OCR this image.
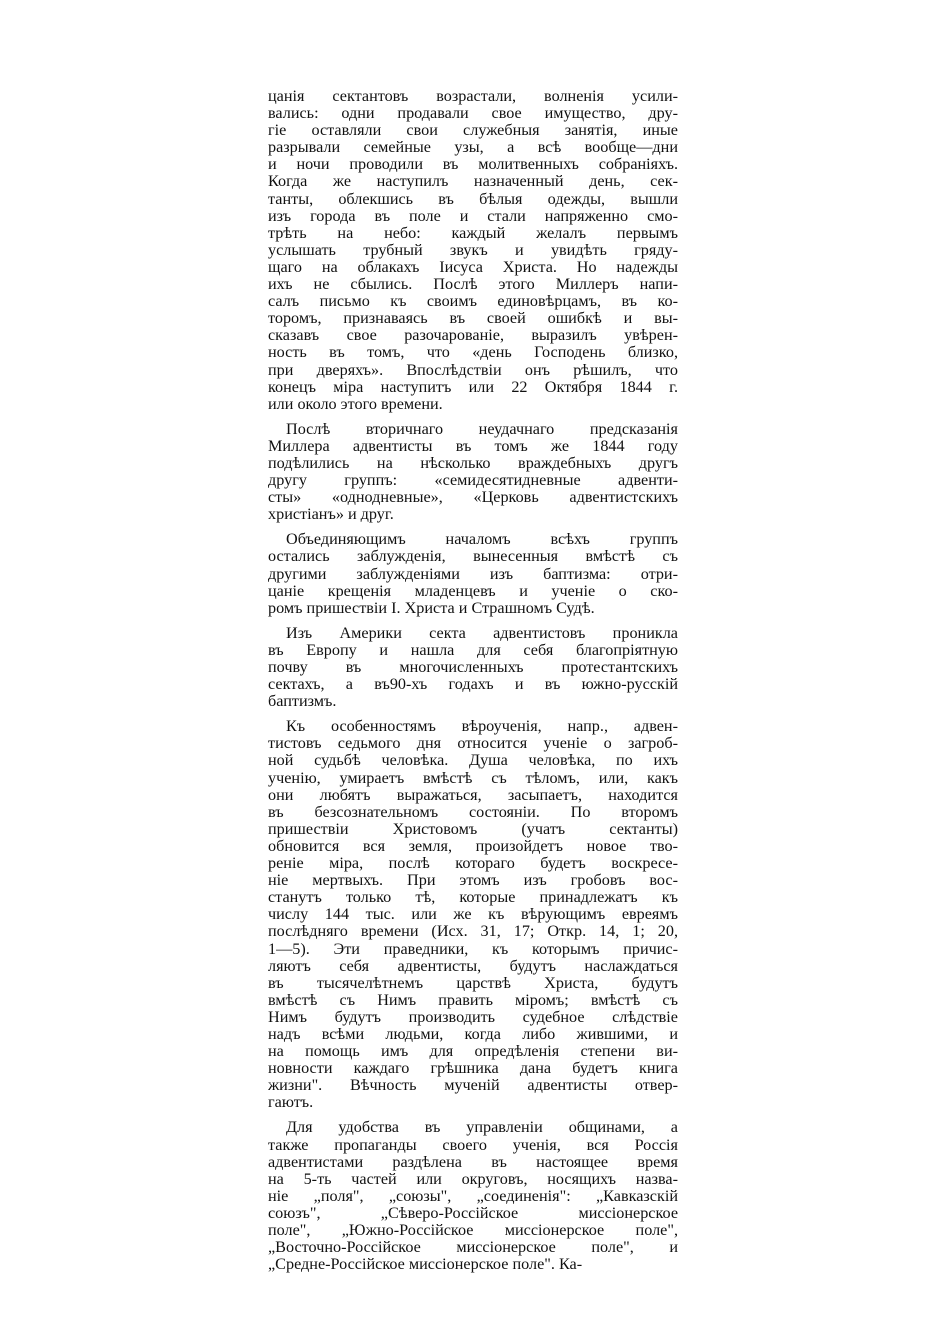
цанія сектантовъ возрастали, волненія усили-
вались: одни продавали свое имущество, дру-
гіе оставляли свои служебныя занятія, иные
разрывали семейные узы, а всѣ вообще—дни
и ночи проводили въ молитвенныхъ собраніяхъ.
Когда же наступилъ назначенный день, сек-
танты, облекшись въ бѣлыя одежды, вышли
изъ города въ поле и стали напряженно смо-
трѣть на небо: каждый желалъ первымъ
услышать трубный звукъ и увидѣть гряду-
щаго на облакахъ Іисуса Христа. Но надежды
ихъ не сбылись. Послѣ этого Миллеръ напи-
салъ письмо къ своимъ единовѣрцамъ, въ ко-
торомъ, признаваясь въ своей ошибкѣ и вы-
сказавъ свое разочарованіе, выразилъ увѣрен-
ность въ томъ, что «день Господень близко,
при дверяхъ». Впослѣдствіи онъ рѣшилъ, что
конецъ міра наступитъ или 22 Октября 1844 г.
или около этого времени.
Послѣ вторичнаго неудачнаго предсказанія
Миллера адвентисты въ томъ же 1844 году
подѣлились на нѣсколько враждебныхъ другъ
другу группъ: «семидесятидневные адвенти-
сты» «однодневные», «Церковь адвентистскихъ
христіанъ» и друг.
Объединяющимъ началомъ всѣхъ группъ
остались заблужденія, вынесенныя вмѣстѣ съ
другими заблужденіями изъ баптизма: отри-
цаніе крещенія младенцевъ и ученіе о ско-
ромъ пришествіи І. Христа и Страшномъ Судѣ.
Изъ Америки секта адвентистовъ проникла
въ Европу и нашла для себя благопріятную
почву въ многочисленныхъ протестантскихъ
сектахъ, а въ90-хъ годахъ и въ южно-русскій
баптизмъ.
Къ особенностямъ вѣроученія, напр., адвен-
тистовъ седьмого дня относится ученіе о загроб-
ной судьбѣ человѣка. Душа человѣка, по ихъ
ученію, умираетъ вмѣстѣ съ тѣломъ, или, какъ
они любятъ выражаться, засыпаетъ, находится
въ безсознательномъ состояніи. По второмъ
пришествіи Христовомъ (учатъ сектанты)
обновится вся земля, произойдетъ новое тво-
реніе міра, послѣ котораго будетъ воскресе-
ніе мертвыхъ. При этомъ изъ гробовъ вос-
станутъ только тѣ, которые принадлежатъ къ
числу 144 тыс. или же къ вѣрующимъ евреямъ
послѣдняго времени (Исх. 31, 17; Откр. 14, 1; 20,
1—5). Эти праведники, къ которымъ причис-
ляютъ себя адвентисты, будутъ наслаждаться
въ тысячелѣтнемъ царствѣ Христа, будутъ
вмѣстѣ съ Нимъ править міромъ; вмѣстѣ съ
Нимъ будутъ производить судебное слѣдствіе
надъ всѣми людьми, когда либо жившими, и
на помощь имъ для опредѣленія степени ви-
новности каждаго грѣшника дана будетъ книга
жизни". Вѣчность мученій адвентисты отвер-
гаютъ.
Для удобства въ управленіи общинами, а
также пропаганды своего ученія, вся Россія
адвентистами раздѣлена въ настоящее время
на 5-ть частей или округовъ, носящихъ назва-
ніе „поля", „союзы", „соединенія": „Кавказскій
союзъ", „Сѣверо-Россійское миссіонерское
поле", „Южно-Россійское миссіонерское поле",
„Восточно-Россійское миссіонерское поле", и
„Средне-Россійское миссіонерское поле". Ка-
